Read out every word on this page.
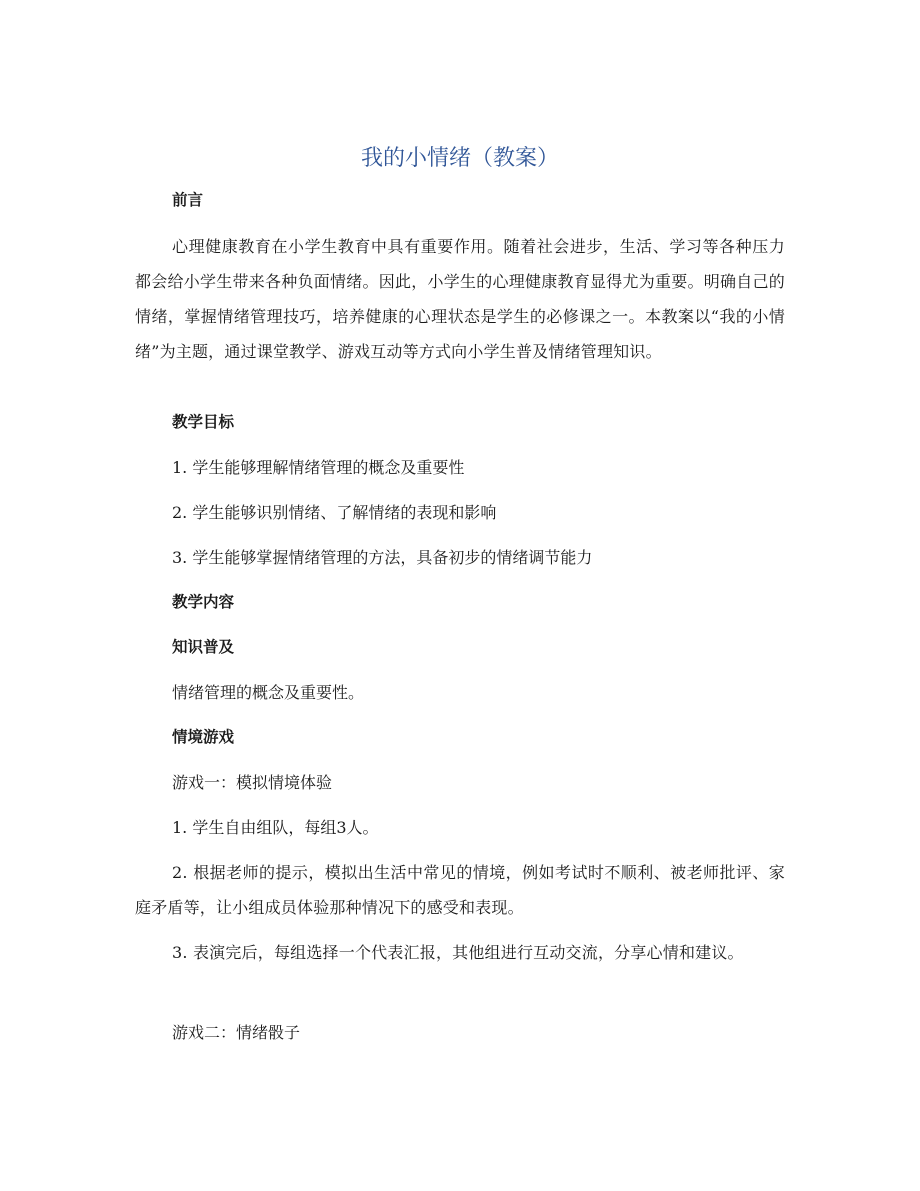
我的小情绪（教案）
前言

心理健康教育在小学生教育中具有重要作用。随着社会进步，生活、学习等各种压力都会给小学生带来各种负面情绪。因此，小学生的心理健康教育显得尤为重要。明确自己的情绪，掌握情绪管理技巧，培养健康的心理状态是学生的必修课之一。本教案以“我的小情绪”为主题，通过课堂教学、游戏互动等方式向小学生普及情绪管理知识。

教学目标
1. 学生能够理解情绪管理的概念及重要性
2. 学生能够识别情绪、了解情绪的表现和影响
3. 学生能够掌握情绪管理的方法，具备初步的情绪调节能力
教学内容
知识普及
情绪管理的概念及重要性。
情境游戏
游戏一：模拟情境体验
1. 学生自由组队，每组3人。

2. 根据老师的提示，模拟出生活中常见的情境，例如考试时不顺利、被老师批评、家庭矛盾等，让小组成员体验那种情况下的感受和表现。

3. 表演完后，每组选择一个代表汇报，其他组进行互动交流，分享心情和建议。

游戏二：情绪骰子
